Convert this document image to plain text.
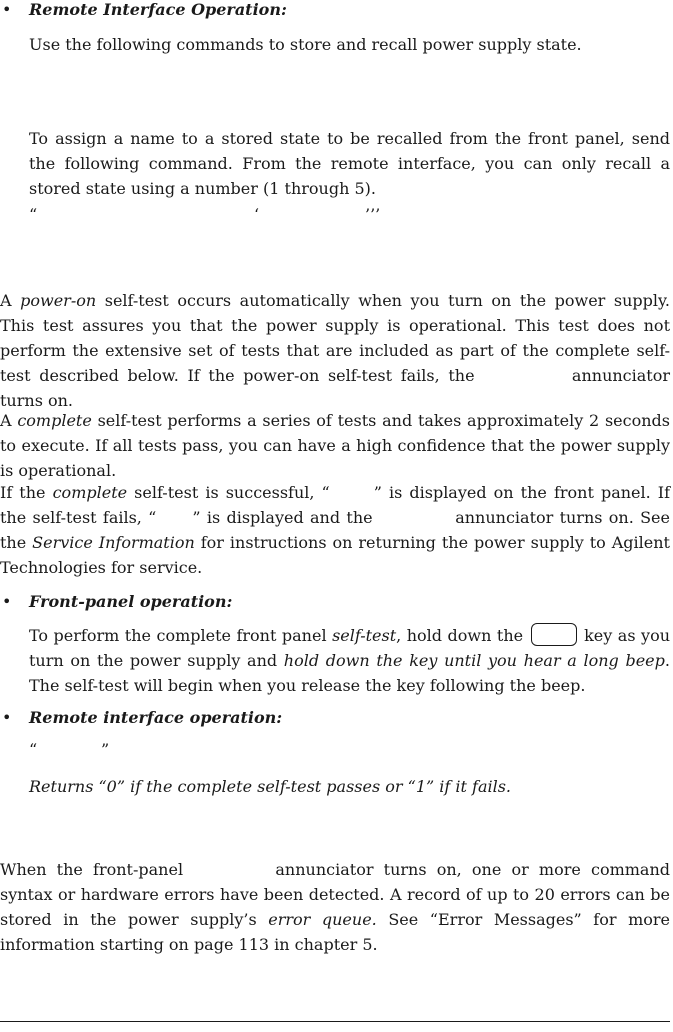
• Remote Interface Operation:

Use the following commands to store and recall power supply state.

To assign a name to a stored state to be recalled from the front panel, send the following command. From the remote interface, you can only recall a stored state using a number (1 through 5).

“	‘	’’’

A power-on self-test occurs automatically when you turn on the power supply. This test assures you that the power supply is operational. This test does not perform the extensive set of tests that are included as part of the complete self-test described below. If the power-on self-test fails, the	annunciator turns on.

A complete self-test performs a series of tests and takes approximately 2 seconds to execute. If all tests pass, you can have a high confidence that the power supply is operational.

If the complete self-test is successful, “	” is displayed on the front panel. If the self-test fails, “ ” is displayed and the	annunciator turns on. See the Service Information for instructions on returning the power supply to Agilent Technologies for service.

• Front-panel operation:

To perform the complete front panel self-test, hold down the	key as you turn on the power supply and hold down the key until you hear a long beep. The self-test will begin when you release the key following the beep.

• Remote interface operation:
“	”

Returns “0” if the complete self-test passes or “1” if it fails.

When the front-panel	annunciator turns on, one or more command syntax or hardware errors have been detected. A record of up to 20 errors can be stored in the power supply’s error queue. See “Error Messages” for more information starting on page 113 in chapter 5.
